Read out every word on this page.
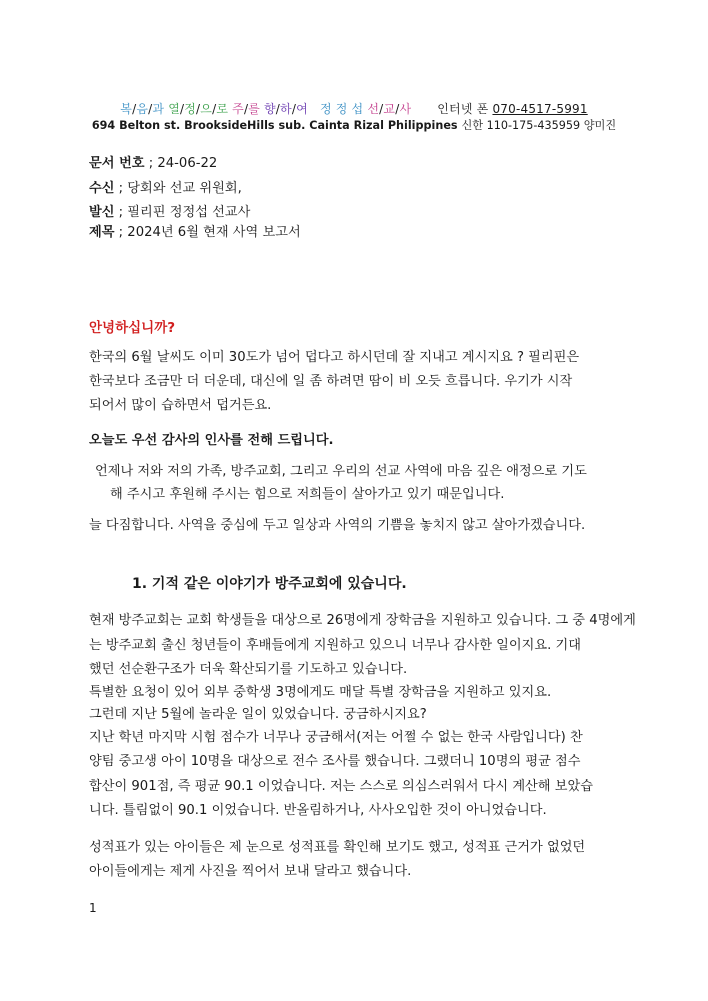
복/음/과 열/정/으/로 주/를 향/하/여   정 정 섭 선/교/사 인터넷 폰 070-4517-5991
694 Belton st. BrooksideHills sub. Cainta Rizal Philippines 신한 110-175-435959 양미진
문서 번호 ; 24-06-22
수신 ; 당회와 선교 위원회,
발신 ; 필리핀 정정섭 선교사
제목 ; 2024년 6월 현재 사역 보고서
안녕하십니까?
한국의 6월 날씨도 이미 30도가 넘어 덥다고 하시던데 잘 지내고 계시지요 ? 필리핀은
한국보다 조금만 더 더운데, 대신에 일 좀 하려면 땀이 비 오듯 흐릅니다. 우기가 시작
되어서 많이 습하면서 덥거든요.
오늘도 우선 감사의 인사를 전해 드립니다.
언제나 저와 저의 가족, 방주교회, 그리고 우리의 선교 사역에 마음 깊은 애정으로 기도
해 주시고 후원해 주시는 힘으로 저희들이 살아가고 있기 때문입니다.
늘 다짐합니다. 사역을 중심에 두고 일상과 사역의 기쁨을 놓치지 않고 살아가겠습니다.
1. 기적 같은 이야기가 방주교회에 있습니다.
현재 방주교회는 교회 학생들을 대상으로 26명에게 장학금을 지원하고 있습니다. 그 중 4명에게
는 방주교회 출신 청년들이 후배들에게 지원하고 있으니 너무나 감사한 일이지요. 기대
했던 선순환구조가 더욱 확산되기를 기도하고 있습니다.
특별한 요청이 있어 외부 중학생 3명에게도 매달 특별 장학금을 지원하고 있지요.
그런데 지난 5월에 놀라운 일이 있었습니다. 궁금하시지요?
지난 학년 마지막 시험 점수가 너무나 궁금해서(저는 어쩔 수 없는 한국 사람입니다) 찬
양팀 중고생 아이 10명을 대상으로 전수 조사를 했습니다. 그랬더니 10명의 평균 점수
합산이 901점, 즉 평균 90.1 이었습니다. 저는 스스로 의심스러워서 다시 계산해 보았습
니다. 틀림없이 90.1 이었습니다. 반올림하거나, 사사오입한 것이 아니었습니다.
성적표가 있는 아이들은 제 눈으로 성적표를 확인해 보기도 했고, 성적표 근거가 없었던
아이들에게는 제게 사진을 찍어서 보내 달라고 했습니다.
1
